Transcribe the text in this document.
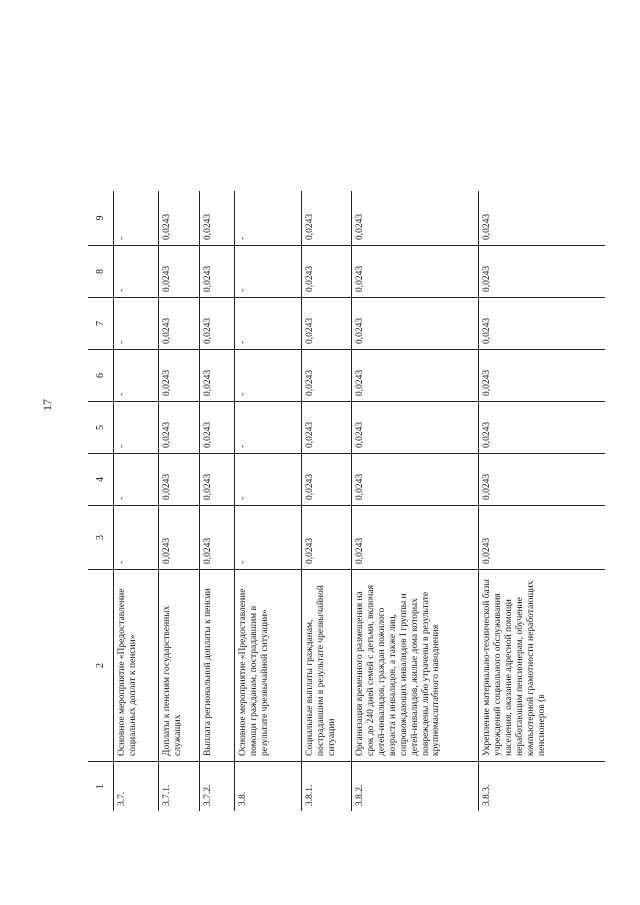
17
1
2
3
4
5
6
7
8
9
3.7.
Основное мероприятие «Предоставление социальных доплат к пенсии»
-
-
-
-
-
-
-
3.7.1.
Доплаты к пенсиям государственных служащих
0,0243
0,0243
0,0243
0,0243
0,0243
0,0243
0,0243
3.7.2.
Выплата региональной доплаты к пенсии
0,0243
0,0243
0,0243
0,0243
0,0243
0,0243
0,0243
3.8.
Основное мероприятие «Предоставление помощи гражданам, пострадавшим в результате чрезвычайной ситуации»
-
-
-
-
-
-
-
3.8.1.
Социальные выплаты гражданам, пострадавшим в результате чрезвычайной ситуации
0,0243
0,0243
0,0243
0,0243
0,0243
0,0243
0,0243
3.8.2.
Организация временного размещения на срок до 240 дней семей с детьми, включая детей-инвалидов, граждан пожилого возраста и инвалидов, а также лиц, сопровождающих инвалидов I группы и детей-инвалидов, жилые дома которых повреждены либо утрачены в результате крупномасштабного наводнения
0,0243
0,0243
0,0243
0,0243
0,0243
0,0243
0,0243
3.8.3.
Укрепление материально-технической базы учреждений социального обслуживания населения, оказание адресной помощи неработающим пенсионерам, обучение компьютерной грамотности неработающих пенсионеров (в
0,0243
0,0243
0,0243
0,0243
0,0243
0,0243
0,0243
